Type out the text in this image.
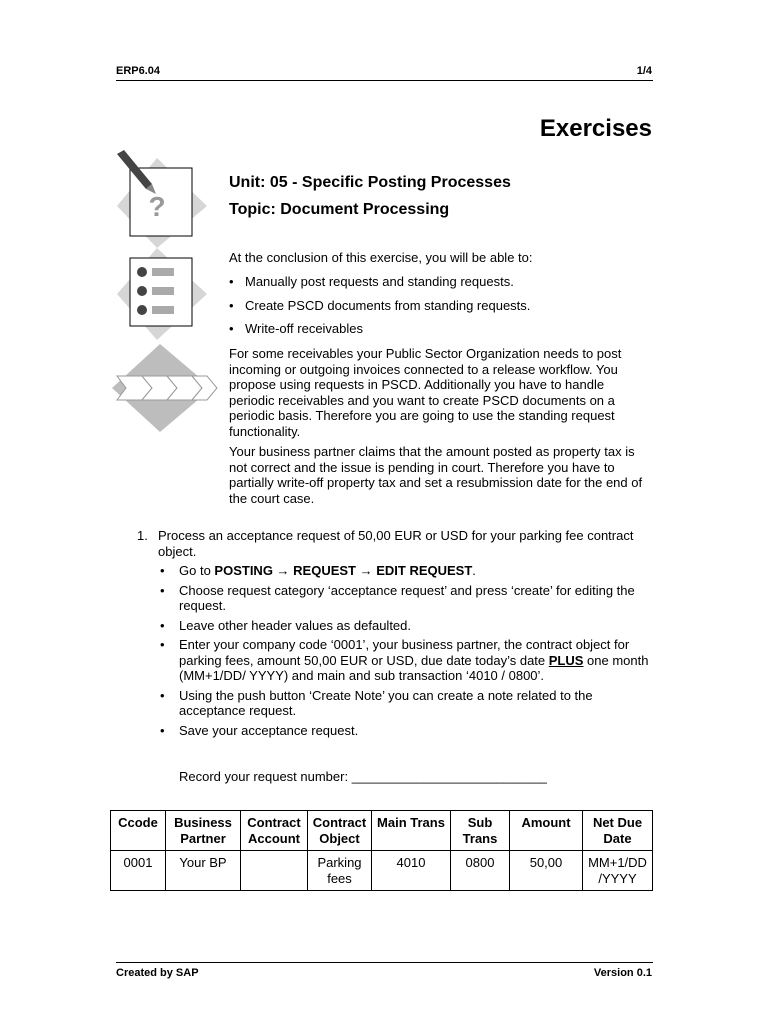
ERP6.04	1/4
Exercises
?
Unit: 05 - Specific Posting Processes
Topic: Document Processing
At the conclusion of this exercise, you will be able to:
• Manually post requests and standing requests.
• Create PSCD documents from standing requests.
• Write-off receivables
For some receivables your Public Sector Organization needs to post incoming or outgoing invoices connected to a release workflow. You propose using requests in PSCD. Additionally you have to handle periodic receivables and you want to create PSCD documents on a periodic basis. Therefore you are going to use the standing request functionality.
Your business partner claims that the amount posted as property tax is not correct and the issue is pending in court. Therefore you have to partially write-off property tax and set a resubmission date for the end of the court case.
1. Process an acceptance request of 50,00 EUR or USD for your parking fee contract object.
• Go to POSTING → REQUEST → EDIT REQUEST.
• Choose request category ‘acceptance request’ and press ‘create’ for editing the request.
• Leave other header values as defaulted.
• Enter your company code ‘0001’, your business partner, the contract object for parking fees, amount 50,00 EUR or USD, due date today’s date PLUS one month (MM+1/DD/ YYYY) and main and sub transaction ‘4010 / 0800’.
• Using the push button ‘Create Note’ you can create a note related to the acceptance request.
• Save your acceptance request.
Record your request number: ___________________________
Ccode	Business Partner	Contract Account	Contract Object	Main Trans	Sub Trans	Amount	Net Due Date
0001	Your BP		Parking fees	4010	0800	50,00	MM+1/DD /YYYY
Created by SAP	Version 0.1
